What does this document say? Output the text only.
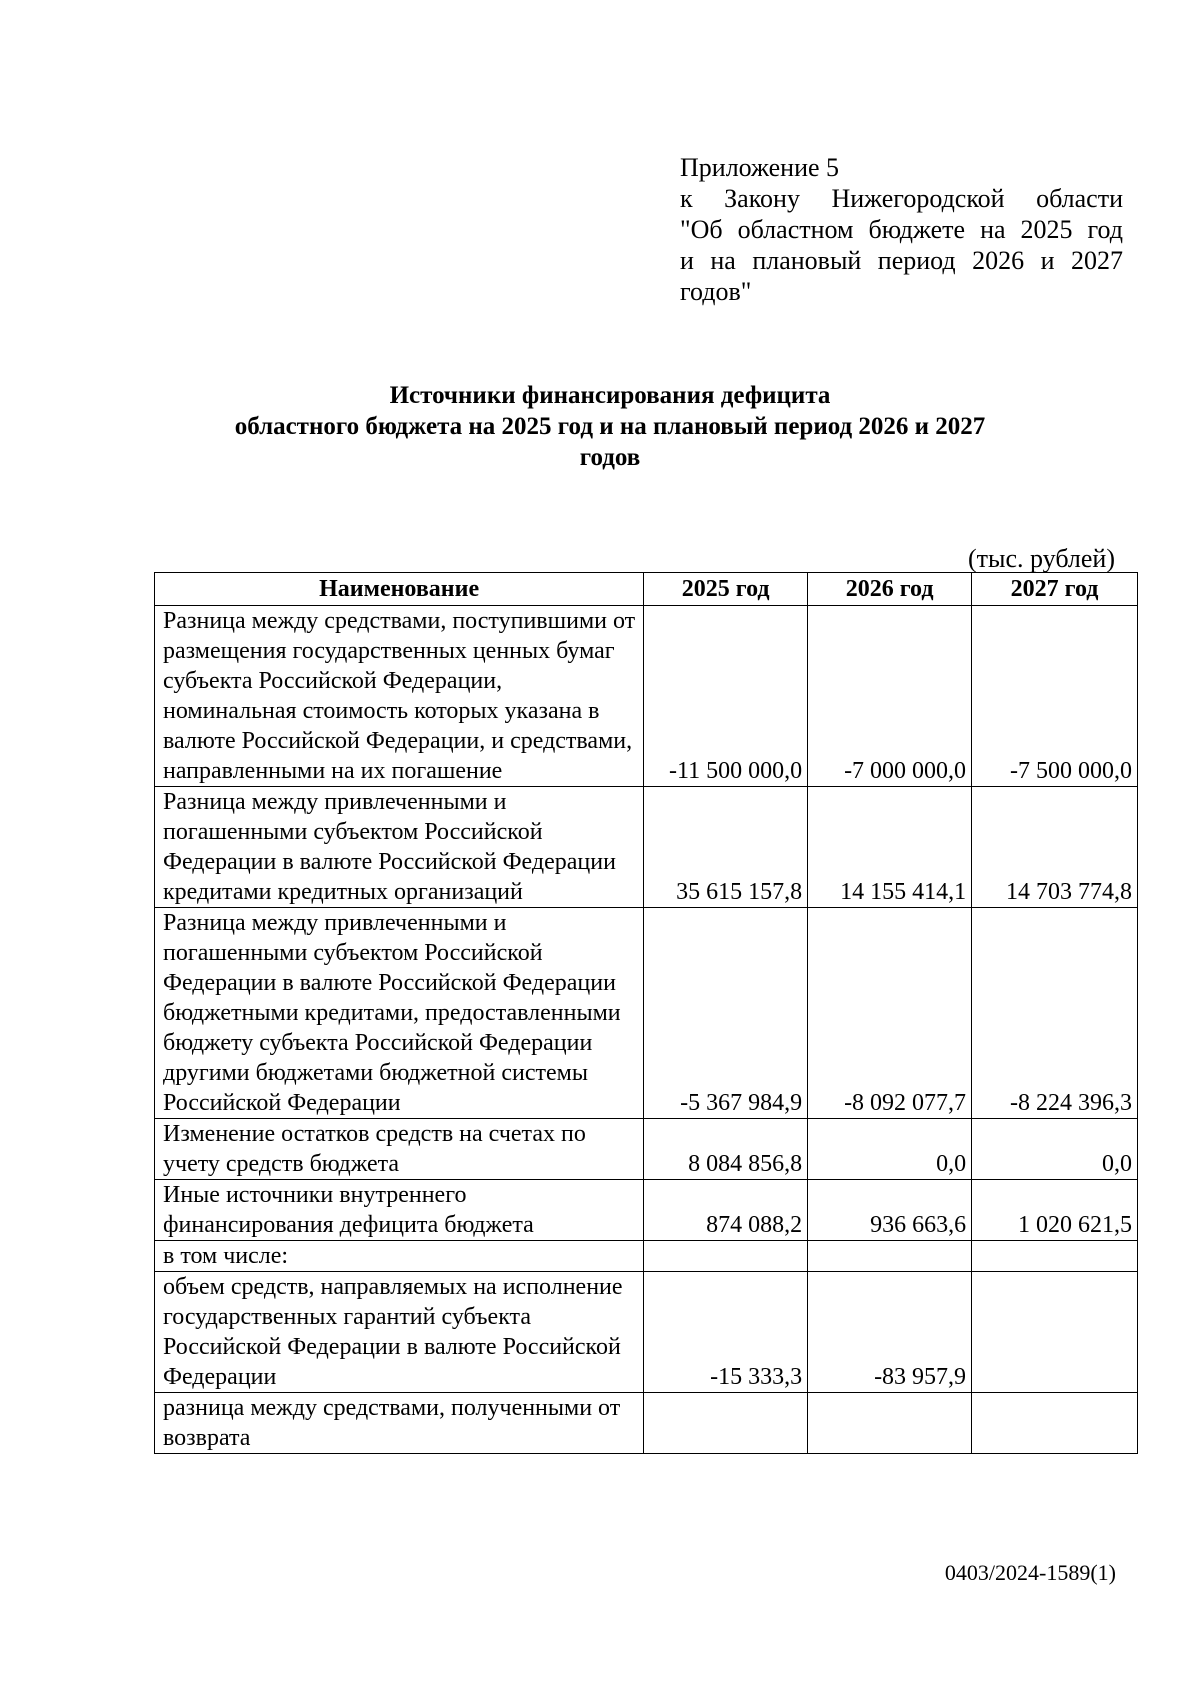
Приложение 5
к Закону Нижегородской области
"Об областном бюджете на 2025 год
и на плановый период 2026 и 2027
годов"
Источники финансирования дефицита
областного бюджета на 2025 год и на плановый период 2026 и 2027
годов
(тыс. рублей)
Наименование	2025 год	2026 год	2027 год
Разница между средствами, поступившими от размещения государственных ценных бумаг субъекта Российской Федерации, номинальная стоимость которых указана в валюте Российской Федерации, и средствами, направленными на их погашение	-11 500 000,0	-7 000 000,0	-7 500 000,0
Разница между привлеченными и погашенными субъектом Российской Федерации в валюте Российской Федерации кредитами кредитных организаций	35 615 157,8	14 155 414,1	14 703 774,8
Разница между привлеченными и погашенными субъектом Российской Федерации в валюте Российской Федерации бюджетными кредитами, предоставленными бюджету субъекта Российской Федерации другими бюджетами бюджетной системы Российской Федерации	-5 367 984,9	-8 092 077,7	-8 224 396,3
Изменение остатков средств на счетах по учету средств бюджета	8 084 856,8	0,0	0,0
Иные источники внутреннего финансирования дефицита бюджета	874 088,2	936 663,6	1 020 621,5
в том числе:			
объем средств, направляемых на исполнение государственных гарантий субъекта Российской Федерации в валюте Российской Федерации	-15 333,3	-83 957,9	
разница между средствами, полученными от возврата			
0403/2024-1589(1)
